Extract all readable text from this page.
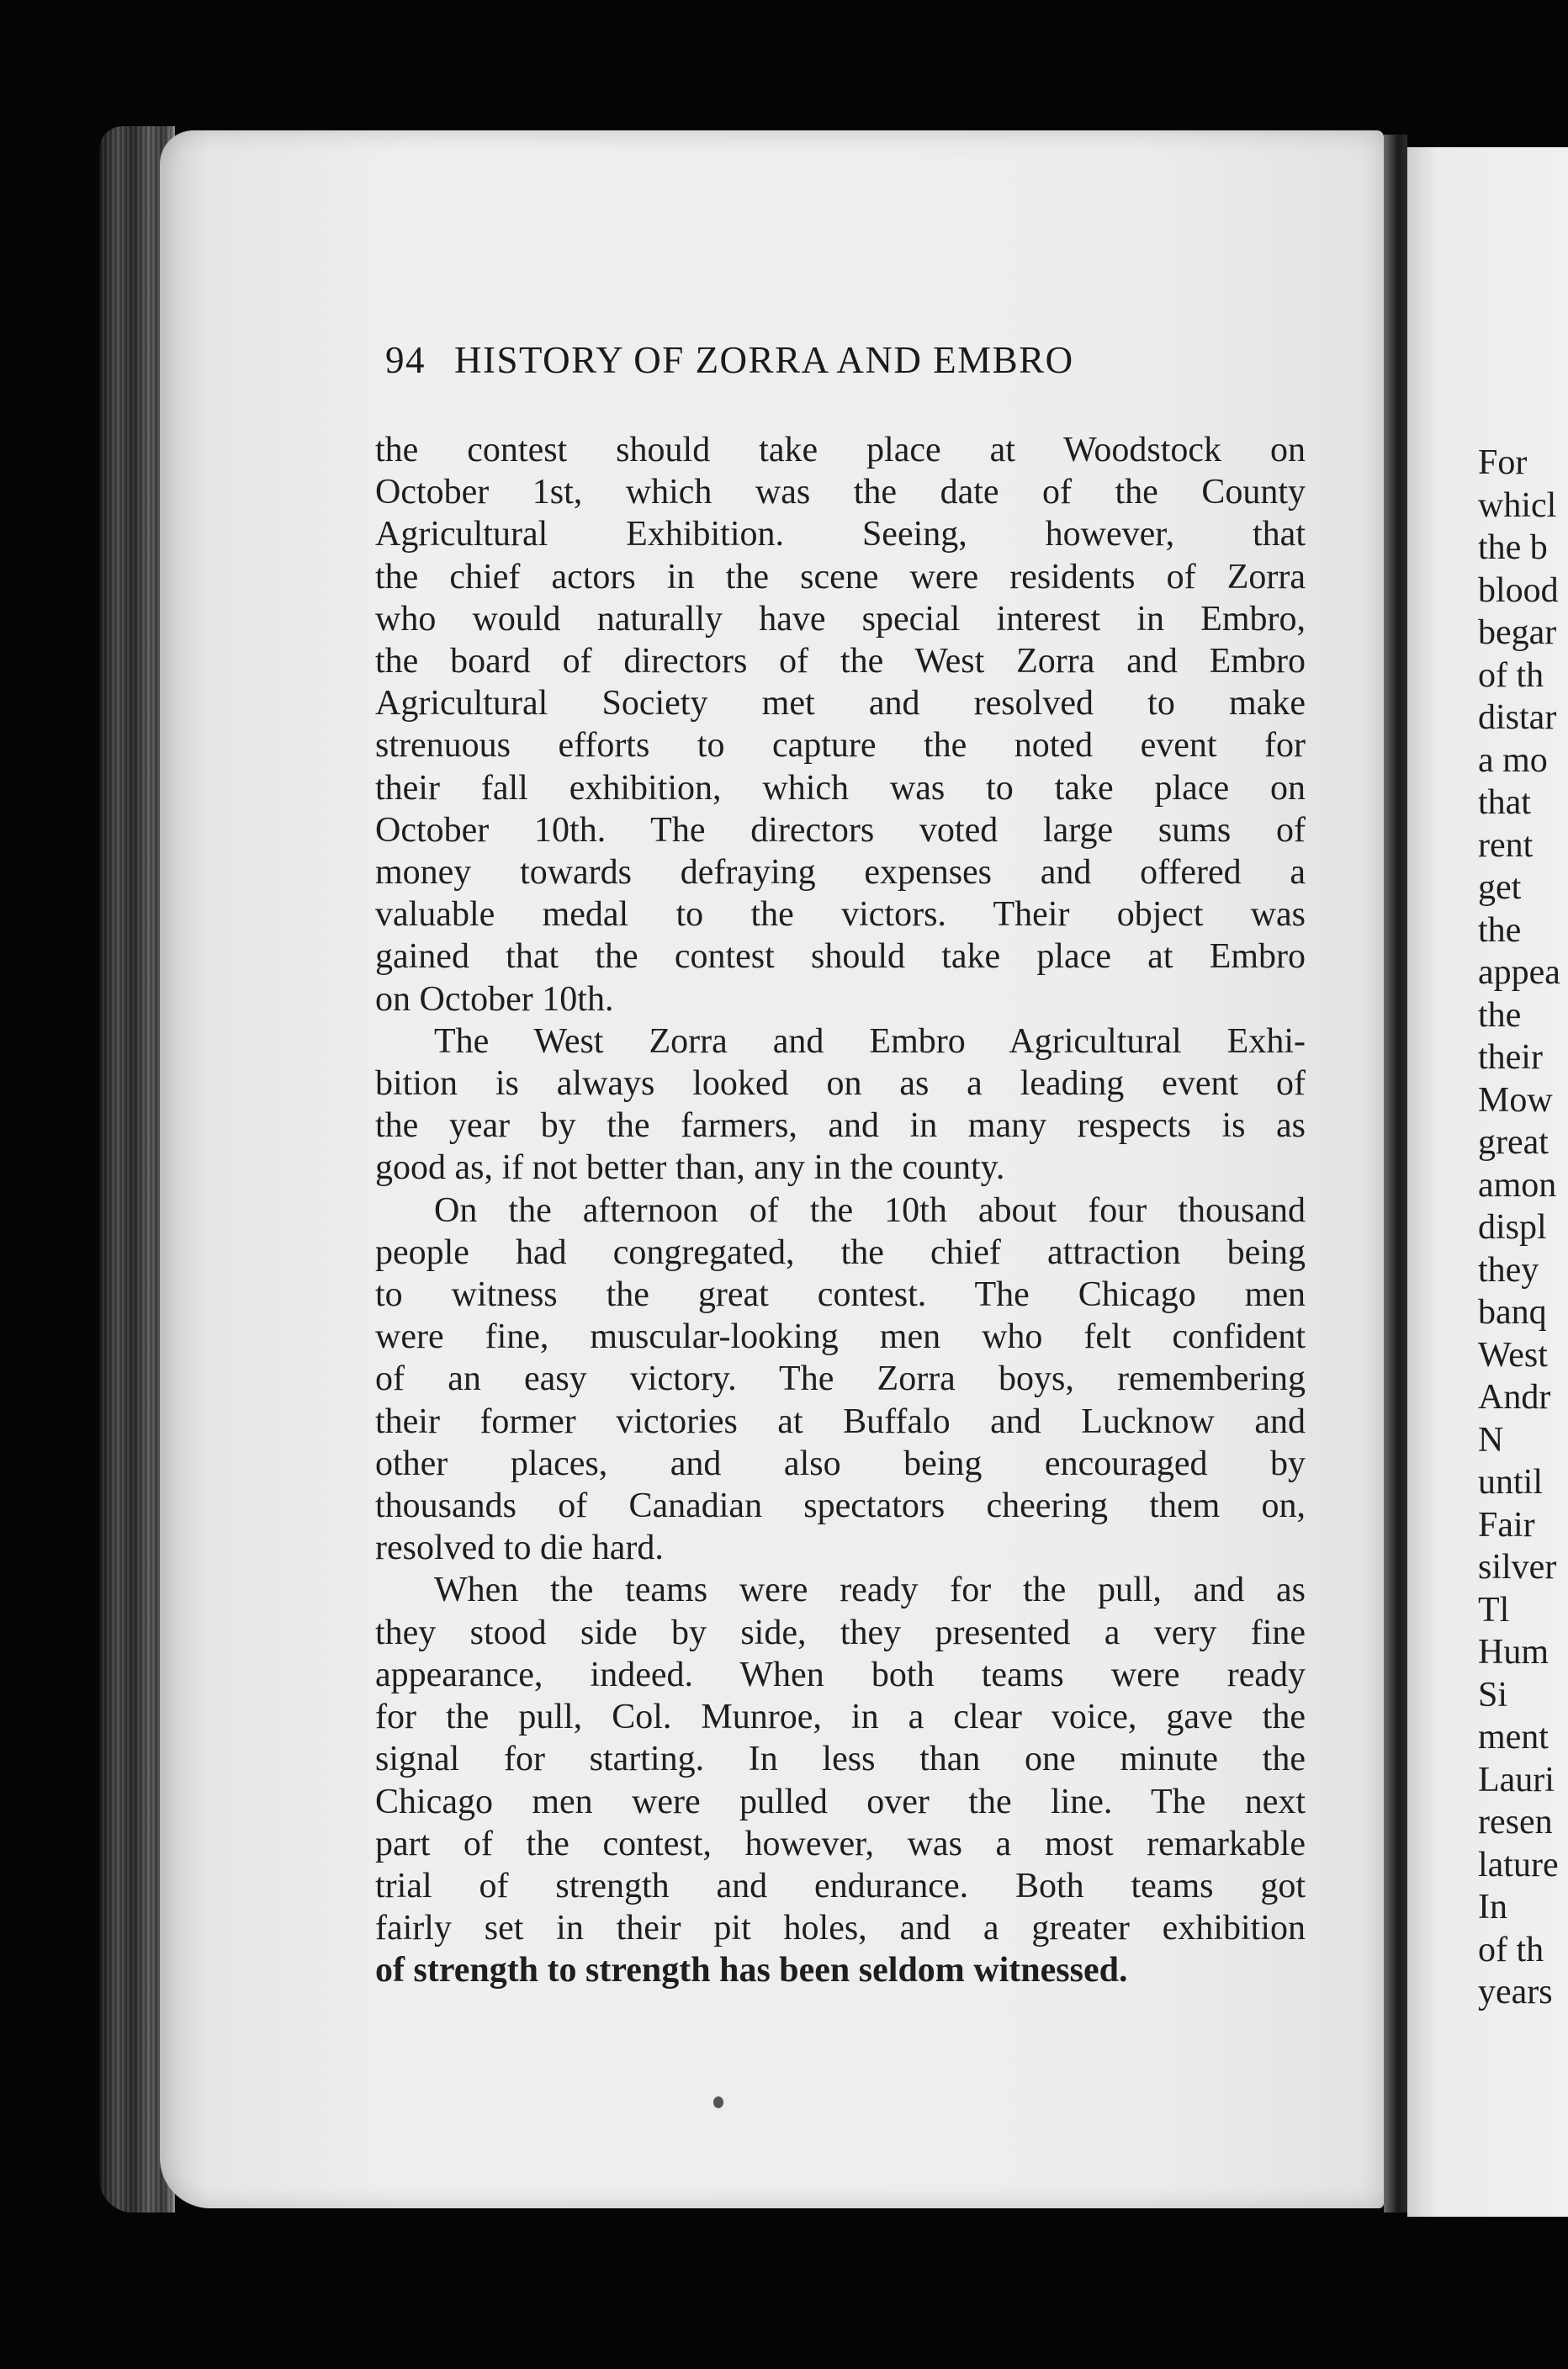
94 HISTORY OF ZORRA AND EMBRO
the contest should take place at Woodstock on
October 1st, which was the date of the County
Agricultural Exhibition. Seeing, however, that
the chief actors in the scene were residents of Zorra
who would naturally have special interest in Embro,
the board of directors of the West Zorra and Embro
Agricultural Society met and resolved to make
strenuous efforts to capture the noted event for
their fall exhibition, which was to take place on
October 10th. The directors voted large sums of
money towards defraying expenses and offered a
valuable medal to the victors. Their object was
gained that the contest should take place at Embro
on October 10th.
The West Zorra and Embro Agricultural Exhi-
bition is always looked on as a leading event of
the year by the farmers, and in many respects is as
good as, if not better than, any in the county.
On the afternoon of the 10th about four thousand
people had congregated, the chief attraction being
to witness the great contest. The Chicago men
were fine, muscular-looking men who felt confident
of an easy victory. The Zorra boys, remembering
their former victories at Buffalo and Lucknow and
other places, and also being encouraged by
thousands of Canadian spectators cheering them on,
resolved to die hard.
When the teams were ready for the pull, and as
they stood side by side, they presented a very fine
appearance, indeed. When both teams were ready
for the pull, Col. Munroe, in a clear voice, gave the
signal for starting. In less than one minute the
Chicago men were pulled over the line. The next
part of the contest, however, was a most remarkable
trial of strength and endurance. Both teams got
fairly set in their pit holes, and a greater exhibition
of strength to strength has been seldom witnessed.
For
whicl
the b
blood
begar
of th
distar
a mo
that
rent
get
the
appea
the
their
Mow
great
amon
displ
they
banq
West
Andr
N
until
Fair
silver
Tl
Hum
Si
ment
Lauri
resen
lature
In
of th
years
